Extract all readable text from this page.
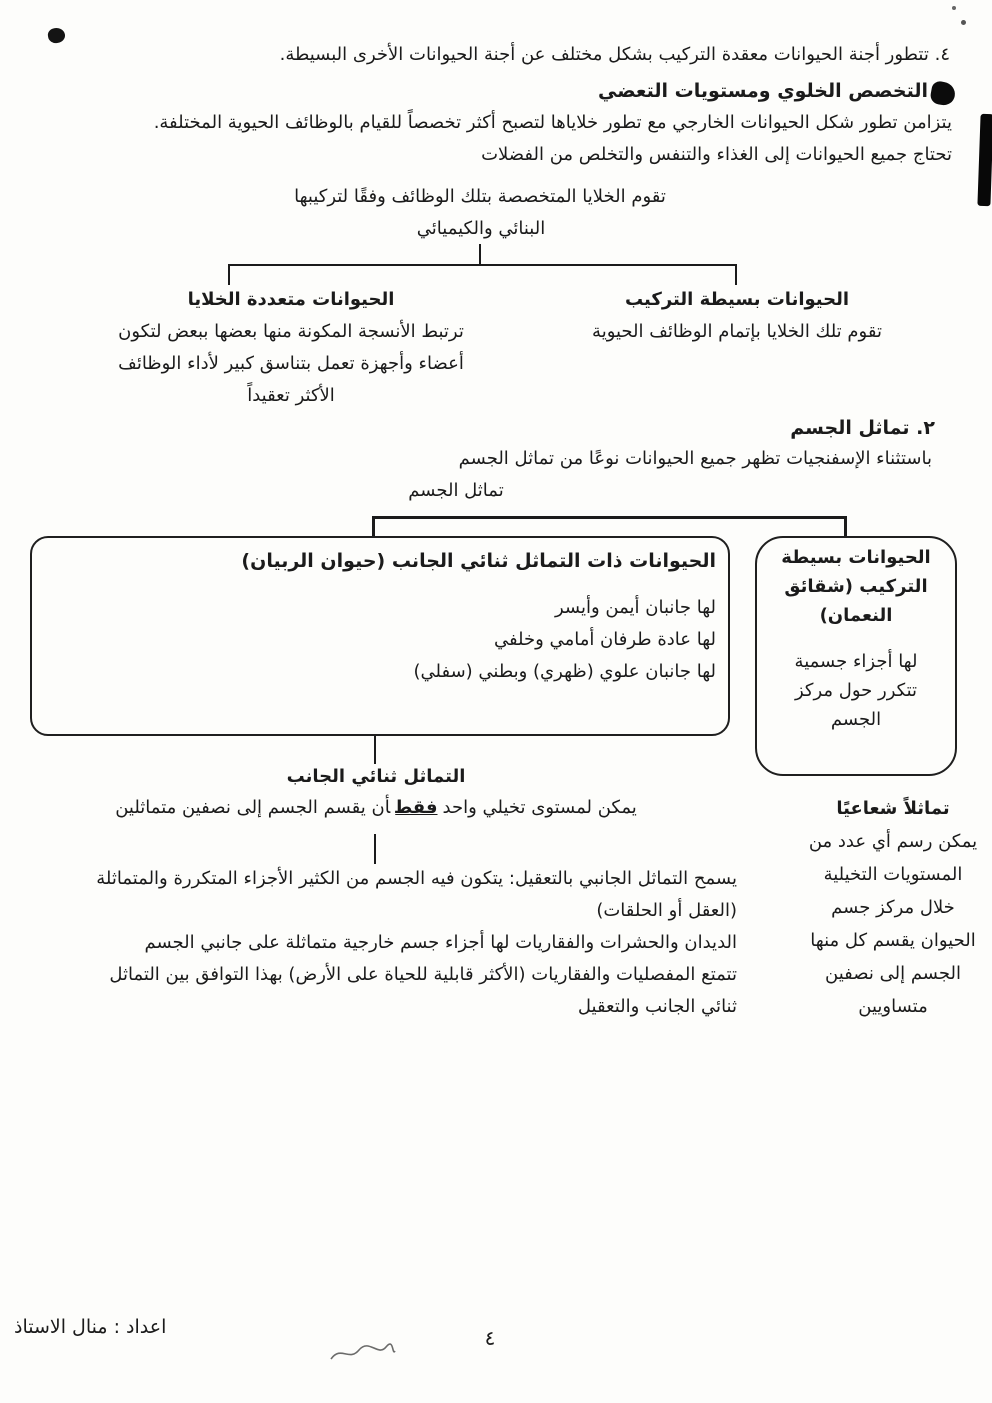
٤. تتطور أجنة الحيوانات معقدة التركيب بشكل مختلف عن أجنة الحيوانات الأخرى البسيطة.
التخصص الخلوي ومستويات التعضي
يتزامن تطور شكل الحيوانات الخارجي مع تطور خلاياها لتصبح أكثر تخصصاً للقيام بالوظائف الحيوية المختلفة.
تحتاج جميع الحيوانات إلى الغذاء والتنفس والتخلص من الفضلات
تقوم الخلايا المتخصصة بتلك الوظائف وفقًا لتركيبها
البنائي والكيميائي
الحيوانات بسيطة التركيب
تقوم تلك الخلايا بإتمام الوظائف الحيوية
الحيوانات متعددة الخلايا
ترتبط الأنسجة المكونة منها بعضها ببعض لتكون
أعضاء وأجهزة تعمل بتناسق كبير لأداء الوظائف
الأكثر تعقيداً
٢. تماثل الجسم
باستثناء الإسفنجيات تظهر جميع الحيوانات نوعًا من تماثل الجسم
تماثل الجسم
الحيوانات ذات التماثل ثنائي الجانب (حيوان الربيان)
لها جانبان أيمن وأيسر
لها عادة طرفان أمامي وخلفي
لها جانبان علوي (ظهري) وبطني (سفلي)
الحيوانات بسيطة
التركيب (شقائق
النعمان)
لها أجزاء جسمية
تتكرر حول مركز
الجسم
التماثل ثنائي الجانب
يمكن لمستوى تخيلي واحدفقطأن يقسم الجسم إلى نصفين متماثلين
يسمح التماثل الجانبي بالتعقيل: يتكون فيه الجسم من الكثير الأجزاء المتكررة والمتماثلة
(العقل أو الحلقات)
الديدان والحشرات والفقاريات لها أجزاء جسم خارجية متماثلة على جانبي الجسم
تتمتع المفصليات والفقاريات (الأكثر قابلية للحياة على الأرض) بهذا التوافق بين التماثل
ثنائي الجانب والتعقيل
تماثلاً شعاعيًا
يمكن رسم أي عدد من
المستويات التخيلية
خلال مركز جسم
الحيوان يقسم كل منها
الجسم إلى نصفين
متساويين
اعداد : منال الاستاذ	٤
